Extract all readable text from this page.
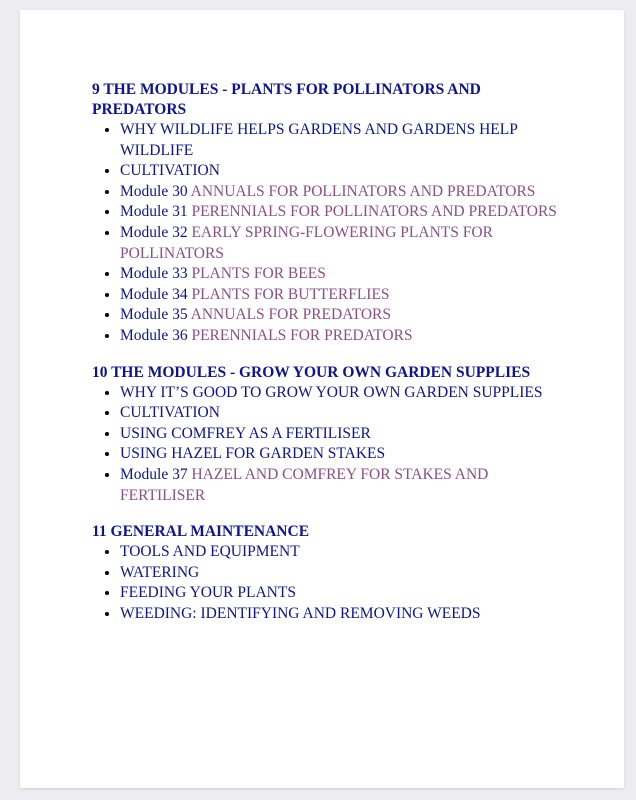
9 THE MODULES - PLANTS FOR POLLINATORS AND PREDATORS
• WHY WILDLIFE HELPS GARDENS AND GARDENS HELP WILDLIFE
• CULTIVATION
• Module 30 ANNUALS FOR POLLINATORS AND PREDATORS
• Module 31 PERENNIALS FOR POLLINATORS AND PREDATORS
• Module 32 EARLY SPRING-FLOWERING PLANTS FOR POLLINATORS
• Module 33 PLANTS FOR BEES
• Module 34 PLANTS FOR BUTTERFLIES
• Module 35 ANNUALS FOR PREDATORS
• Module 36 PERENNIALS FOR PREDATORS
10 THE MODULES - GROW YOUR OWN GARDEN SUPPLIES
• WHY IT’S GOOD TO GROW YOUR OWN GARDEN SUPPLIES
• CULTIVATION
• USING COMFREY AS A FERTILISER
• USING HAZEL FOR GARDEN STAKES
• Module 37 HAZEL AND COMFREY FOR STAKES AND FERTILISER
11 GENERAL MAINTENANCE
• TOOLS AND EQUIPMENT
• WATERING
• FEEDING YOUR PLANTS
• WEEDING: IDENTIFYING AND REMOVING WEEDS
